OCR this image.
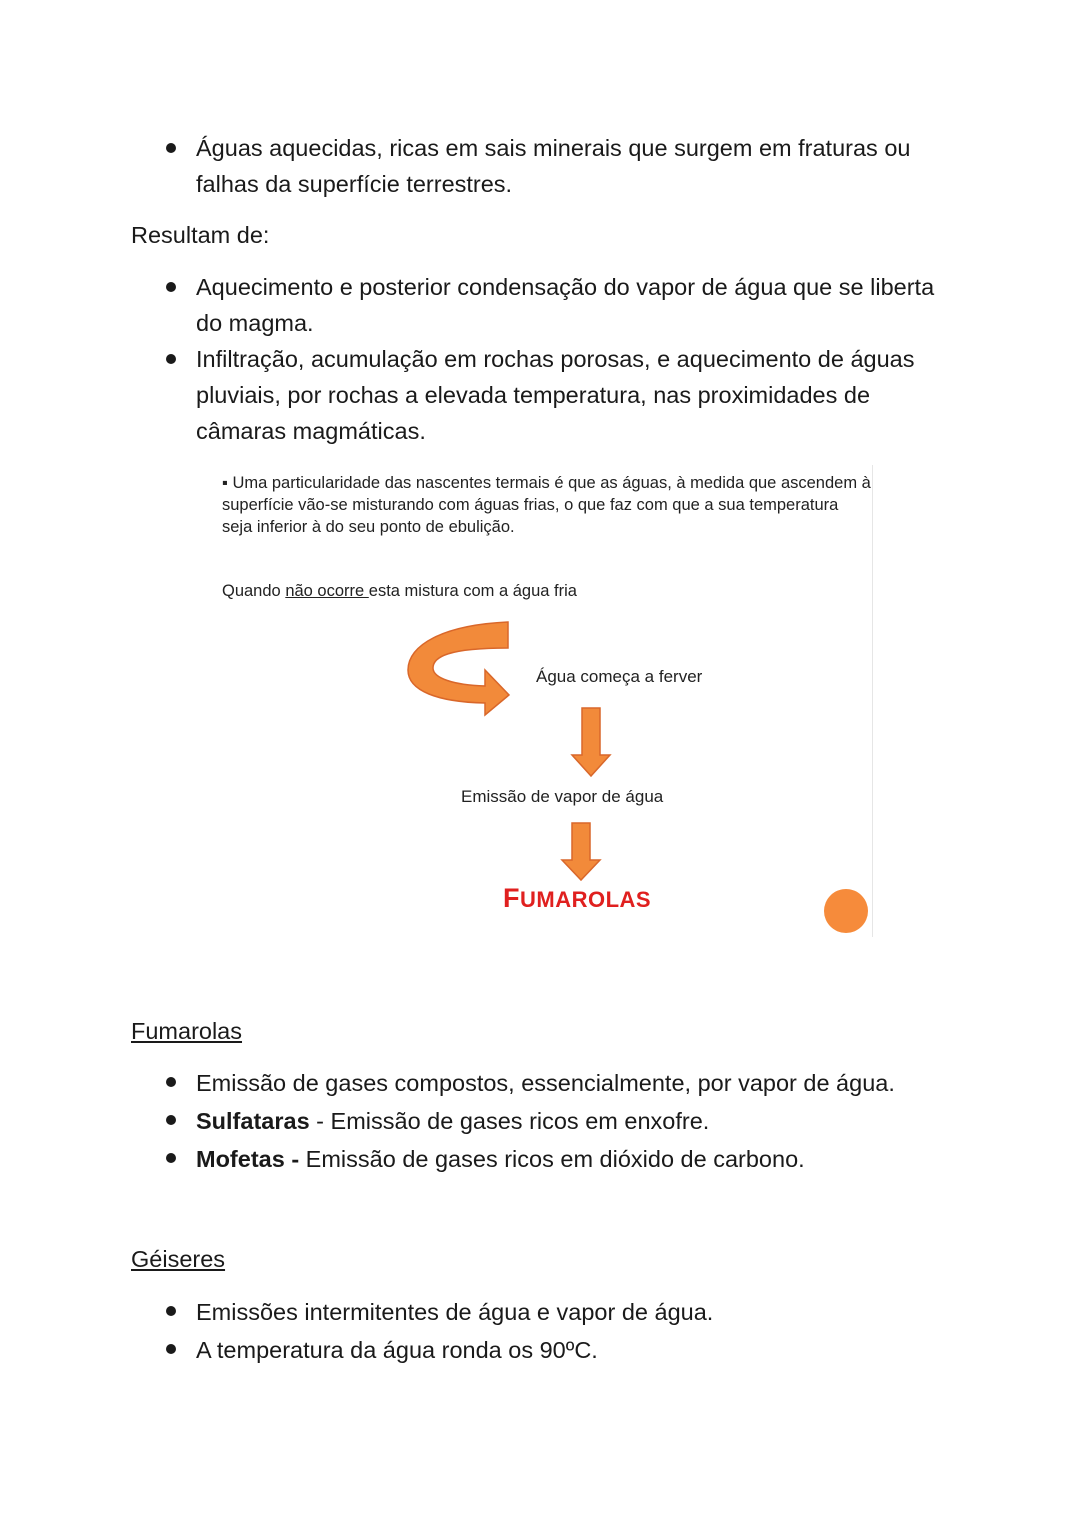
Águas aquecidas, ricas em sais minerais que surgem em fraturas ou falhas da superfície terrestres.
Resultam de:
Aquecimento e posterior condensação do vapor de água que se liberta do magma.
Infiltração, acumulação em rochas porosas, e aquecimento de águas pluviais, por rochas a elevada temperatura, nas proximidades de câmaras magmáticas.
▪ Uma particularidade das nascentes termais é que as águas, à medida que ascendem à superfície vão-se misturando com águas frias, o que faz com que a sua temperatura seja inferior à do seu ponto de ebulição.
Quando não ocorre esta mistura com a água fria
Água começa a ferver
Emissão de vapor de água
FUMAROLAS
Fumarolas
Emissão de gases compostos, essencialmente, por vapor de água.
Sulfataras - Emissão de gases ricos em enxofre.
Mofetas - Emissão de gases ricos em dióxido de carbono.
Géiseres
Emissões intermitentes de água e vapor de água.
A temperatura da água ronda os 90ºC.
